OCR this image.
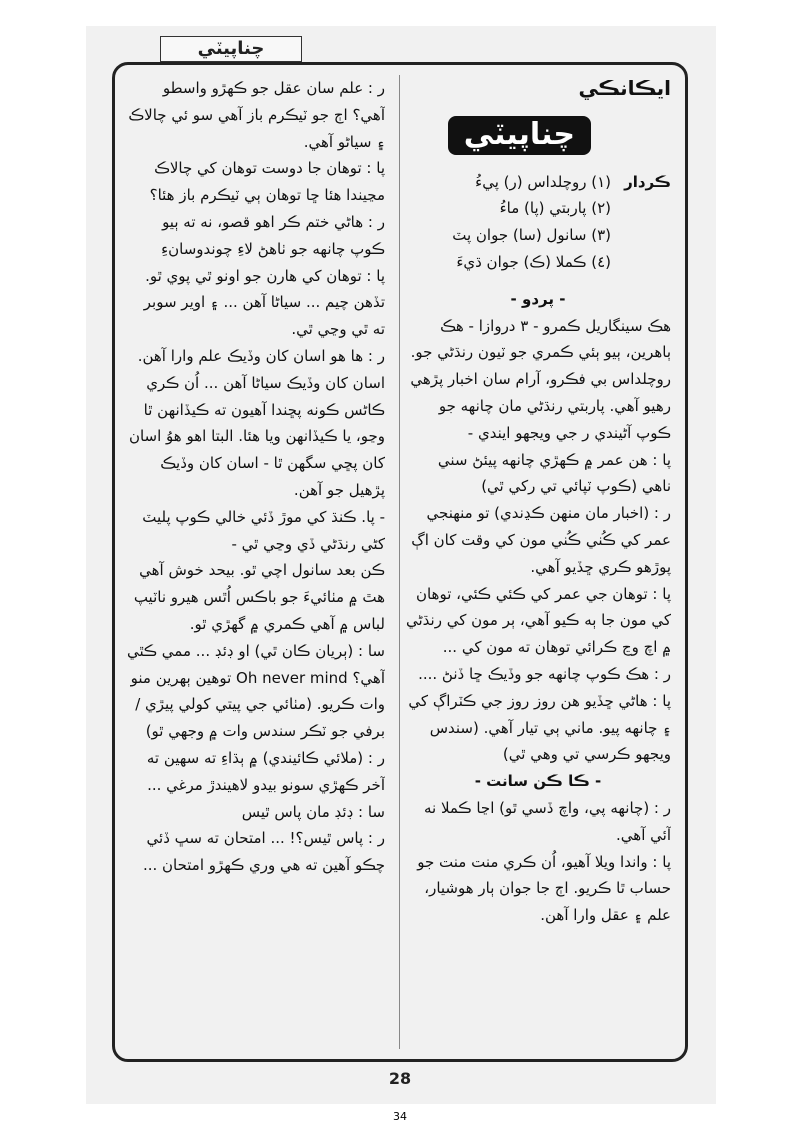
چناپيٽي

ايڪانڪي

چناپيٽي
ڪردار

(١) روچلداس (ر) پيءُ

(٢) پاربتي (پا) ماءُ

(٣) سانول (سا) جوان پٽ

(٤) ڪملا (ڪ) جوان ڌيءَ

- پردو -

هڪ سينگاريل ڪمرو - ٣ دروازا - هڪ ٻاهرين، ٻيو ٻئي ڪمري جو ٽيون رنڌڻي جو.

روچلداس بي فڪرو، آرام سان اخبار پڙهي رهيو آهي. پاربتي رنڌڻي مان چانهه جو ڪوپ آڻيندي ر جي ويجهو ايندي -

پا : هن عمر ۾ ڪهڙي چانهه پيئڻ سني ناهي (ڪوپ ٽپائي تي رکي ٿي)

ر : (اخبار مان منهن ڪڍندي) تو منهنجي عمر کي ڪُني ڪُني مون کي وقت کان اڳ پوڙهو ڪري ڇڏيو آهي.

پا : توهان جي عمر کي ڪئي ڪئي، توهان کي مون جا ٻه ڪيو آهي، ٻر مون کي رنڌڻي ۾ اچ وڃ ڪرائي توهان ته مون کي ...

ر : هڪ ڪوپ چانهه جو وڏيڪ ڇا ڏنڻ ....

پا : هاڻي ڇڏيو هن روز روز جي ڪٽراڳ کي ۽ چانهه پيو. ماني ٻي تيار آهي. (سندس ويجهو ڪرسي تي وهي ٿي)

- ڪا ڪن سانت -

ر : (چانهه پي، واچ ڏسي ٿو) اڃا ڪملا نه آئي آهي.

پا : واندا ويلا آهيو، اُن ڪري منت منت جو حساب ٿا ڪريو. اڄ جا جوان ٻار هوشيار، علم ۽ عقل وارا آهن.

ر : علم سان عقل جو ڪهڙو واسطو آهي؟ اڄ جو ٽيڪرم باز آهي سو ئي چالاڪ ۽ سياڻو آهي.

پا : توهان جا دوست توهان کي چالاڪ مڃيندا هئا ڇا توهان ٻي ٽيڪرم باز هئا؟

ر : هاڻي ختم ڪر اهو قصو، نه ته ٻيو ڪوپ چانهه جو ٺاهڻ لاءِ چوندوسانءِ

پا : توهان کي هارن جو اونو ٿي پوي ٿو. تڏهن چيم ... سياڻا آهن ... ۽ اوير سوبر ته ٿي وڃي ٿي.

ر : ها هو اسان کان وڏيڪ علم وارا آهن. اسان کان وڏيڪ سياڻا آهن ... اُن ڪري ڪاڻس ڪونه پڇندا آهيون ته ڪيڏانهن ٿا وڃو، يا ڪيڏانهن ويا هئا. البتا اهو هوُ اسان کان پڇي سگهن ٿا - اسان کان وڏيڪ پڙهيل جو آهن.

- پا. ڪنڌ کي موڙ ڏئي خالي ڪوپ پليٽ کڻي رنڌڻي ڏي وڃي ٿي -

ڪن بعد سانول اچي ٿو. بيحد خوش آهي هٿ ۾ مٺائيءَ جو باڪس اُٿس هيرو ناٽيپ لباس ۾ آهي ڪمري ۾ گهڙي ٿو.

سا : (ٻريان ڪان ٿي) او ڊئڊ ... ممي ڪٿي آهي؟ Oh never mind توهين ٻهرين منو وات ڪريو. (مٺائي جي پيتي کولي پيڙي / برفي جو ٽڪر سندس وات ۾ وجهي ٿو)

ر : (ملائي ڪائيندي) ۾ ٻڌاءِ ته سهين ته آخر ڪهڙي سونو بيدو لاهيندڙ مرغي ...

سا : ڊئڊ مان پاس ٿيس

ر : پاس ٿيس؟! ... امتحان ته سڀ ڏئي چڪو آهين ته هي وري ڪهڙو امتحان ...

28
34
